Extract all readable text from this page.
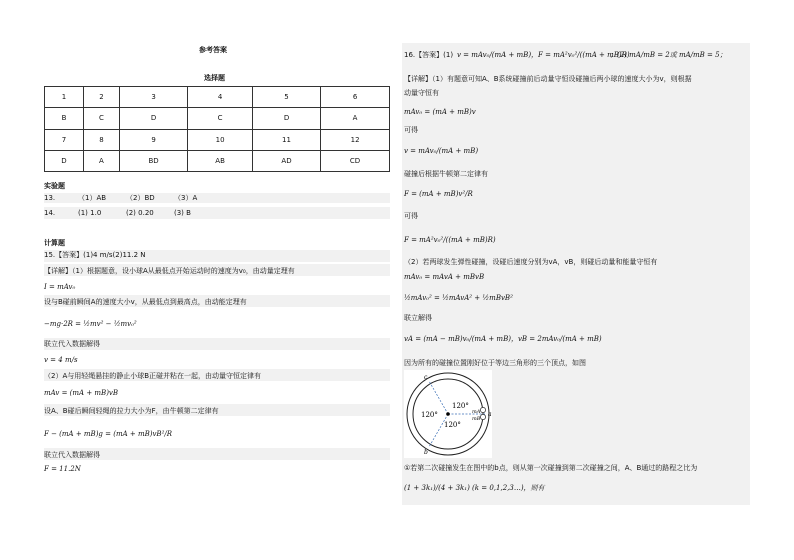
参考答案
选择题
1	2	3	4	5	6
B	C	D	C	D	A
7	8	9	10	11	12
D	A	BD	AB	AD	CD
实验题
13.	（1）AB	（2）BD	（3）A
14.	(1) 1.0	(2) 0.20	(3) B
计算题
15.【答案】(1)4 m/s(2)11.2 N
【详解】（1）根据题意，设小球A从最低点开始运动时的速度为v₀，由动量定理有
I = mAv₀
设与B碰前瞬间A的速度大小v，从最低点到最高点，由动能定理有
−mg·2R = ½mv² − ½mv₀²
联立代入数据解得
v = 4 m/s
（2）A与用轻绳悬挂的静止小球B正碰并粘在一起，由动量守恒定律有
mAv = (mA + mB)vB
设A、B碰后瞬间轻绳的拉力大小为F，由牛顿第二定律有
F − (mA + mB)g = (mA + mB)vB²/R
联立代入数据解得
F = 11.2N
16.【答案】(1) v = mAv₀/(mA + mB)，F = mA²v₀²/((mA + mB)R)
；(2) mA/mB = 2或 mA/mB = 5；
【详解】（1）有题意可知A、B系统碰撞前后动量守恒设碰撞后两小球的速度大小为v，则根据
动量守恒有
mAv₀ = (mA + mB)v
可得
v = mAv₀/(mA + mB)
碰撞后根据牛顿第二定律有
F = (mA + mB)v²/R
可得
F = mA²v₀²/((mA + mB)R)
（2）若两球发生弹性碰撞，设碰后速度分别为vA，vB，则碰后动量和能量守恒有
mAv₀ = mAvA + mBvB
½mAv₀² = ½mAvA² + ½mBvB²
联立解得
vA = (mA − mB)v₀/(mA + mB)，vB = 2mAv₀/(mA + mB)
因为所有的碰撞位置刚好位于等边三角形的三个顶点，如图
120°
120°
120°
mA
mB
a
c
b
①若第二次碰撞发生在图中的b点，则从第一次碰撞到第二次碰撞之间，A、B通过的路程之比为
(1 + 3k₁)/(4 + 3k₁) (k = 0,1,2,3…)，则有
